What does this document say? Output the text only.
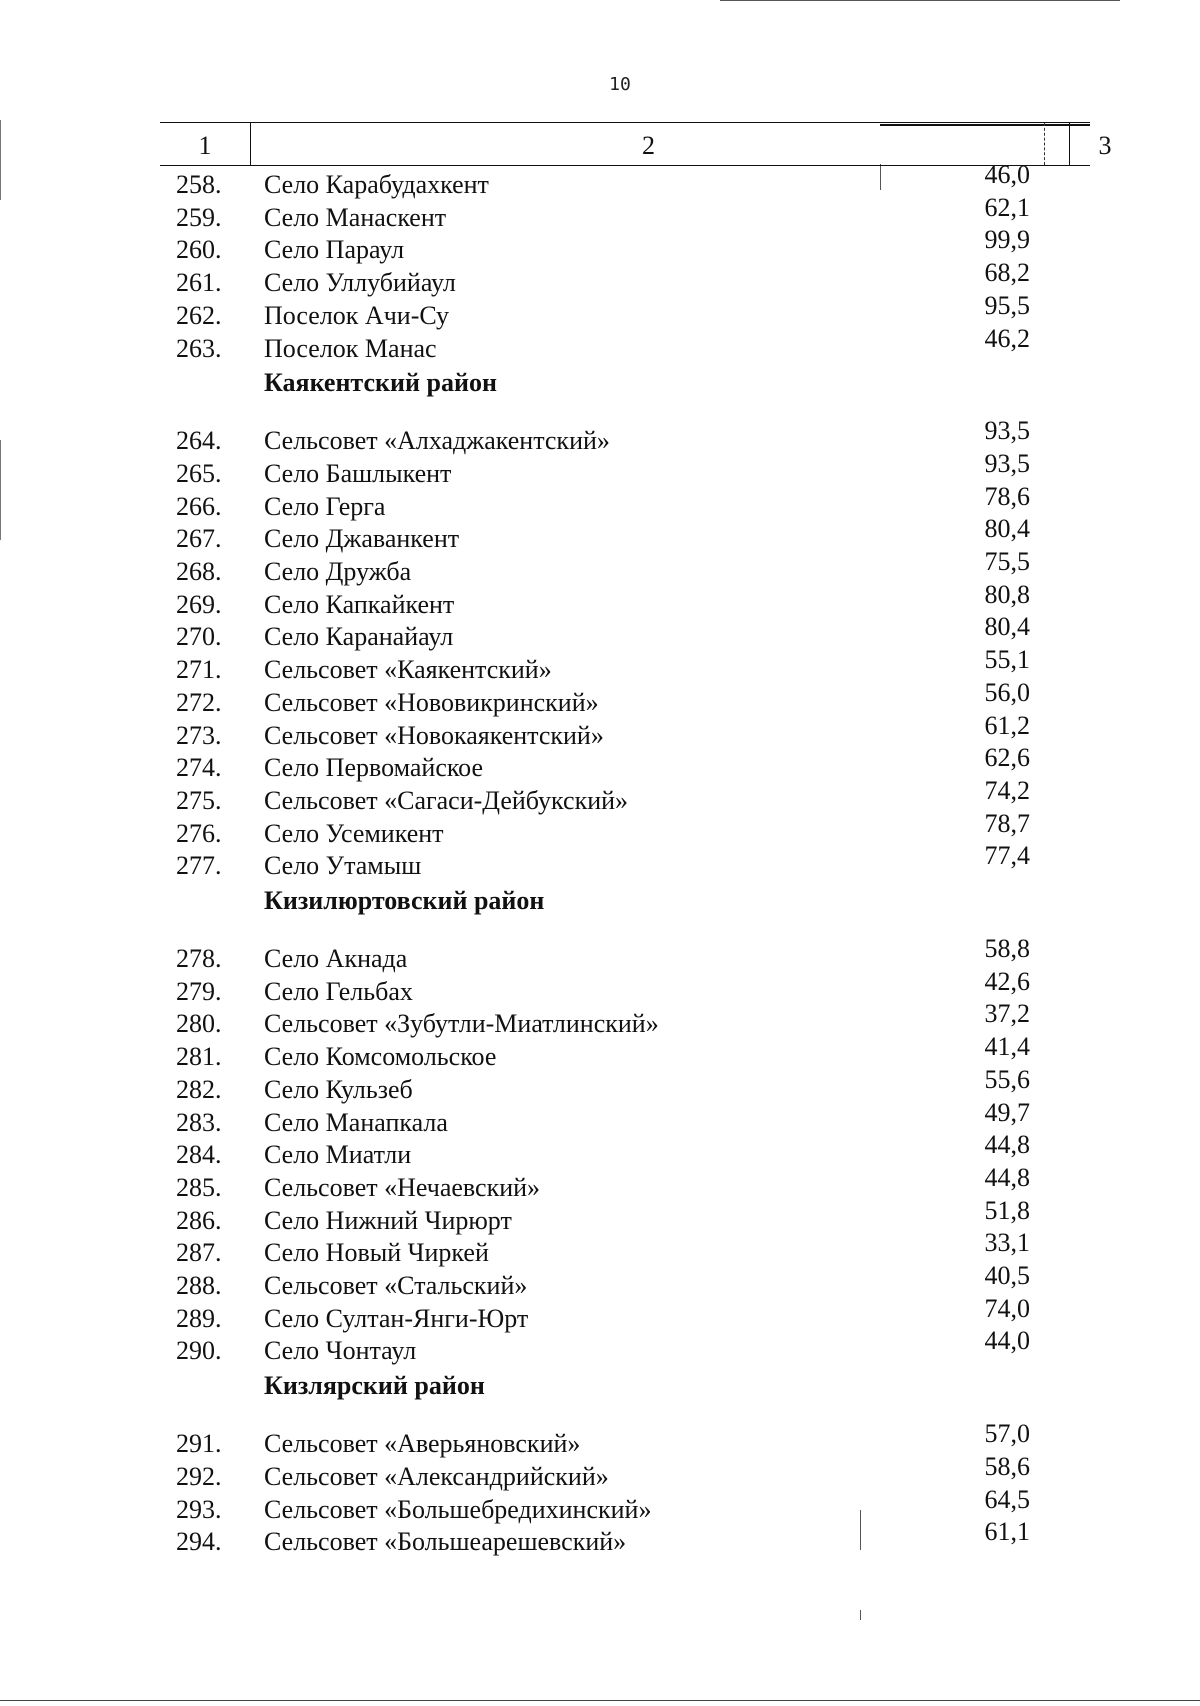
10
1	2	3
258.	Село Карабудахкент	46,0
259.	Село Манаскент	62,1
260.	Село Параул	99,9
261.	Село Уллубийаул	68,2
262.	Поселок Ачи-Су	95,5
263.	Поселок Манас	46,2
Каякентский район
264.	Сельсовет «Алхаджакентский»	93,5
265.	Село Башлыкент	93,5
266.	Село Герга	78,6
267.	Село Джаванкент	80,4
268.	Село Дружба	75,5
269.	Село Капкайкент	80,8
270.	Село Каранайаул	80,4
271.	Сельсовет «Каякентский»	55,1
272.	Сельсовет «Нововикринский»	56,0
273.	Сельсовет «Новокаякентский»	61,2
274.	Село Первомайское	62,6
275.	Сельсовет «Сагаси-Дейбукский»	74,2
276.	Село Усемикент	78,7
277.	Село Утамыш	77,4
Кизилюртовский район
278.	Село Акнада	58,8
279.	Село Гельбах	42,6
280.	Сельсовет «Зубутли-Миатлинский»	37,2
281.	Село Комсомольское	41,4
282.	Село Кульзеб	55,6
283.	Село Манапкала	49,7
284.	Село Миатли	44,8
285.	Сельсовет «Нечаевский»	44,8
286.	Село Нижний Чирюрт	51,8
287.	Село Новый Чиркей	33,1
288.	Сельсовет «Стальский»	40,5
289.	Село Султан-Янги-Юрт	74,0
290.	Село Чонтаул	44,0
Кизлярский район
291.	Сельсовет «Аверьяновский»	57,0
292.	Сельсовет «Александрийский»	58,6
293.	Сельсовет «Большебредихинский»	64,5
294.	Сельсовет «Большеарешевский»	61,1
